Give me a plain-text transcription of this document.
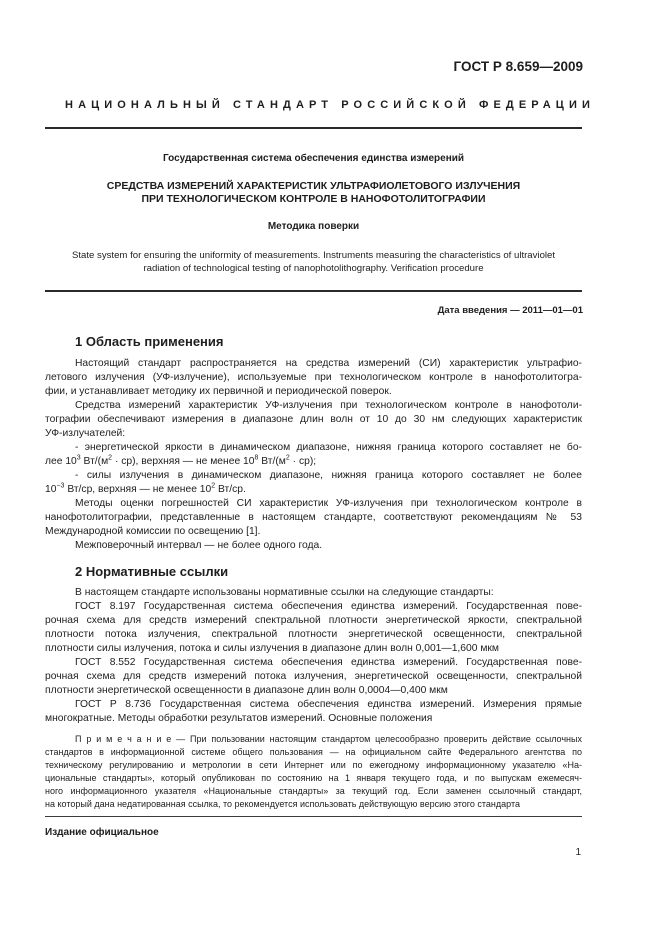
ГОСТ Р 8.659—2009
НАЦИОНАЛЬНЫЙ СТАНДАРТ РОССИЙСКОЙ ФЕДЕРАЦИИ
Государственная система обеспечения единства измерений
СРЕДСТВА ИЗМЕРЕНИЙ ХАРАКТЕРИСТИК УЛЬТРАФИОЛЕТОВОГО ИЗЛУЧЕНИЯ
ПРИ ТЕХНОЛОГИЧЕСКОМ КОНТРОЛЕ В НАНОФОТОЛИТОГРАФИИ
Методика поверки
State system for ensuring the uniformity of measurements. Instruments measuring the characteristics of ultraviolet
radiation of technological testing of nanophotolithography. Verification procedure
Дата введения — 2011—01—01
1 Область применения
Настоящий стандарт распространяется на средства измерений (СИ) характеристик ультрафио-
летового излучения (УФ-излучение), используемые при технологическом контроле в нанофотолитогра-
фии, и устанавливает методику их первичной и периодической поверок.
Средства измерений характеристик УФ-излучения при технологическом контроле в нанофотоли-
тографии обеспечивают измерения в диапазоне длин волн от 10 до 30 нм следующих характеристик
УФ-излучателей:
- энергетической яркости в динамическом диапазоне, нижняя граница которого составляет не бо-
лее $10^3$ $Вт/(м^2 \cdot ср)$, верхняя — не менее $10^8$ $Вт/(м^2 \cdot ср)$;
- силы излучения в динамическом диапазоне, нижняя граница которого составляет не более
$10^{-3}$ Вт/ср, верхняя — не менее $10^2$ Вт/ср.
Методы оценки погрешностей СИ характеристик УФ-излучения при технологическом контроле в
нанофотолитографии, представленные в настоящем стандарте, соответствуют рекомендациям № 53
Международной комиссии по освещению [1].
Межповерочный интервал — не более одного года.
2 Нормативные ссылки
В настоящем стандарте использованы нормативные ссылки на следующие стандарты:
ГОСТ 8.197 Государственная система обеспечения единства измерений. Государственная пове-
рочная схема для средств измерений спектральной плотности энергетической яркости, спектральной
плотности потока излучения, спектральной плотности энергетической освещенности, спектральной
плотности силы излучения, потока и силы излучения в диапазоне длин волн 0,001—1,600 мкм
ГОСТ 8.552 Государственная система обеспечения единства измерений. Государственная пове-
рочная схема для средств измерений потока излучения, энергетической освещенности, спектральной
плотности энергетической освещенности в диапазоне длин волн 0,0004—0,400 мкм
ГОСТ Р 8.736 Государственная система обеспечения единства измерений. Измерения прямые
многократные. Методы обработки результатов измерений. Основные положения
П р и м е ч а н и е — При пользовании настоящим стандартом целесообразно проверить действие ссылочных
стандартов в информационной системе общего пользования — на официальном сайте Федерального агентства по
техническому регулированию и метрологии в сети Интернет или по ежегодному информационному указателю «На-
циональные стандарты», который опубликован по состоянию на 1 января текущего года, и по выпускам ежемесяч-
ного информационного указателя «Национальные стандарты» за текущий год. Если заменен ссылочный стандарт,
на который дана недатированная ссылка, то рекомендуется использовать действующую версию этого стандарта
Издание официальное
1
